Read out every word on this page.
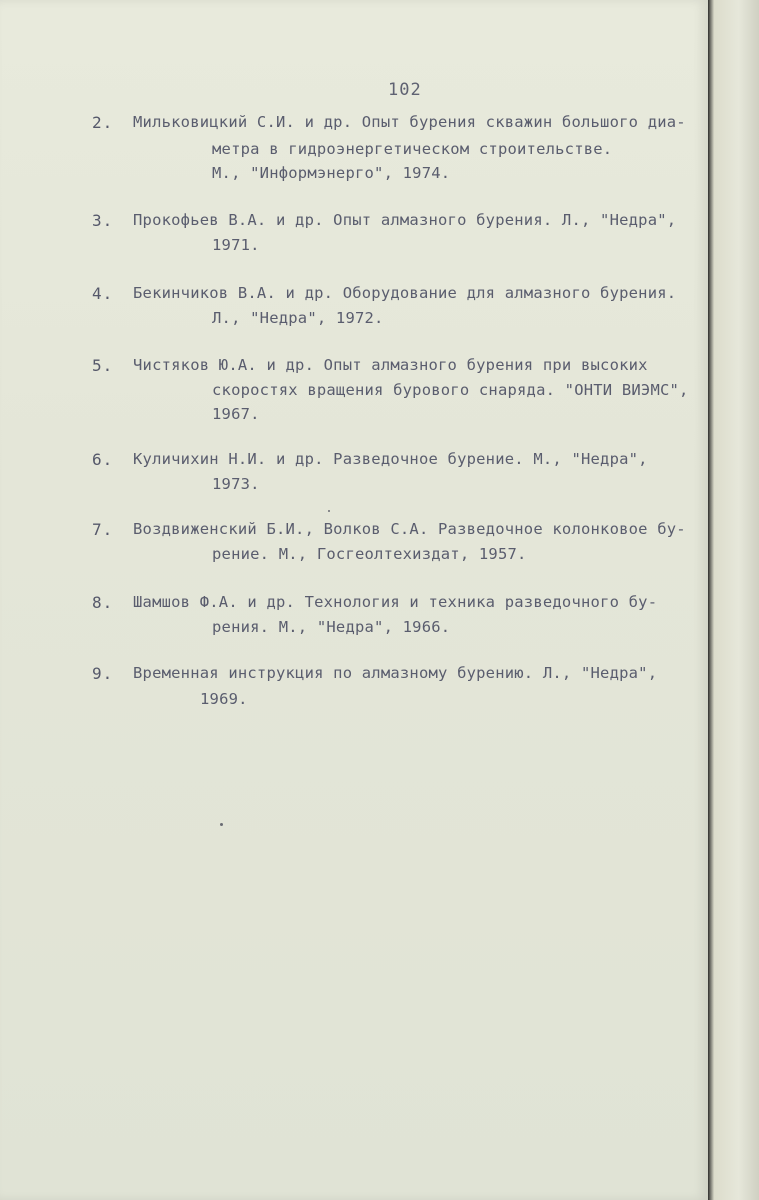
102
2. Мильковицкий С.И. и др. Опыт бурения скважин большого диа-
метра в гидроэнергетическом строительстве.
М., "Информэнерго", 1974.
3. Прокофьев В.А. и др. Опыт алмазного бурения. Л., "Недра",
1971.
4. Бекинчиков В.А. и др. Оборудование для алмазного бурения.
Л., "Недра", 1972.
5. Чистяков Ю.А. и др. Опыт алмазного бурения при высоких
скоростях вращения бурового снаряда. "ОНТИ ВИЭМС",
1967.
6. Куличихин Н.И. и др. Разведочное бурение. М., "Недра",
1973.
7. Воздвиженский Б.И., Волков С.А. Разведочное колонковое бу-
рение. М., Госгеолтехиздат, 1957.
8. Шамшов Ф.А. и др. Технология и техника разведочного бу-
рения. М., "Недра", 1966.
9. Временная инструкция по алмазному бурению. Л., "Недра",
1969.
